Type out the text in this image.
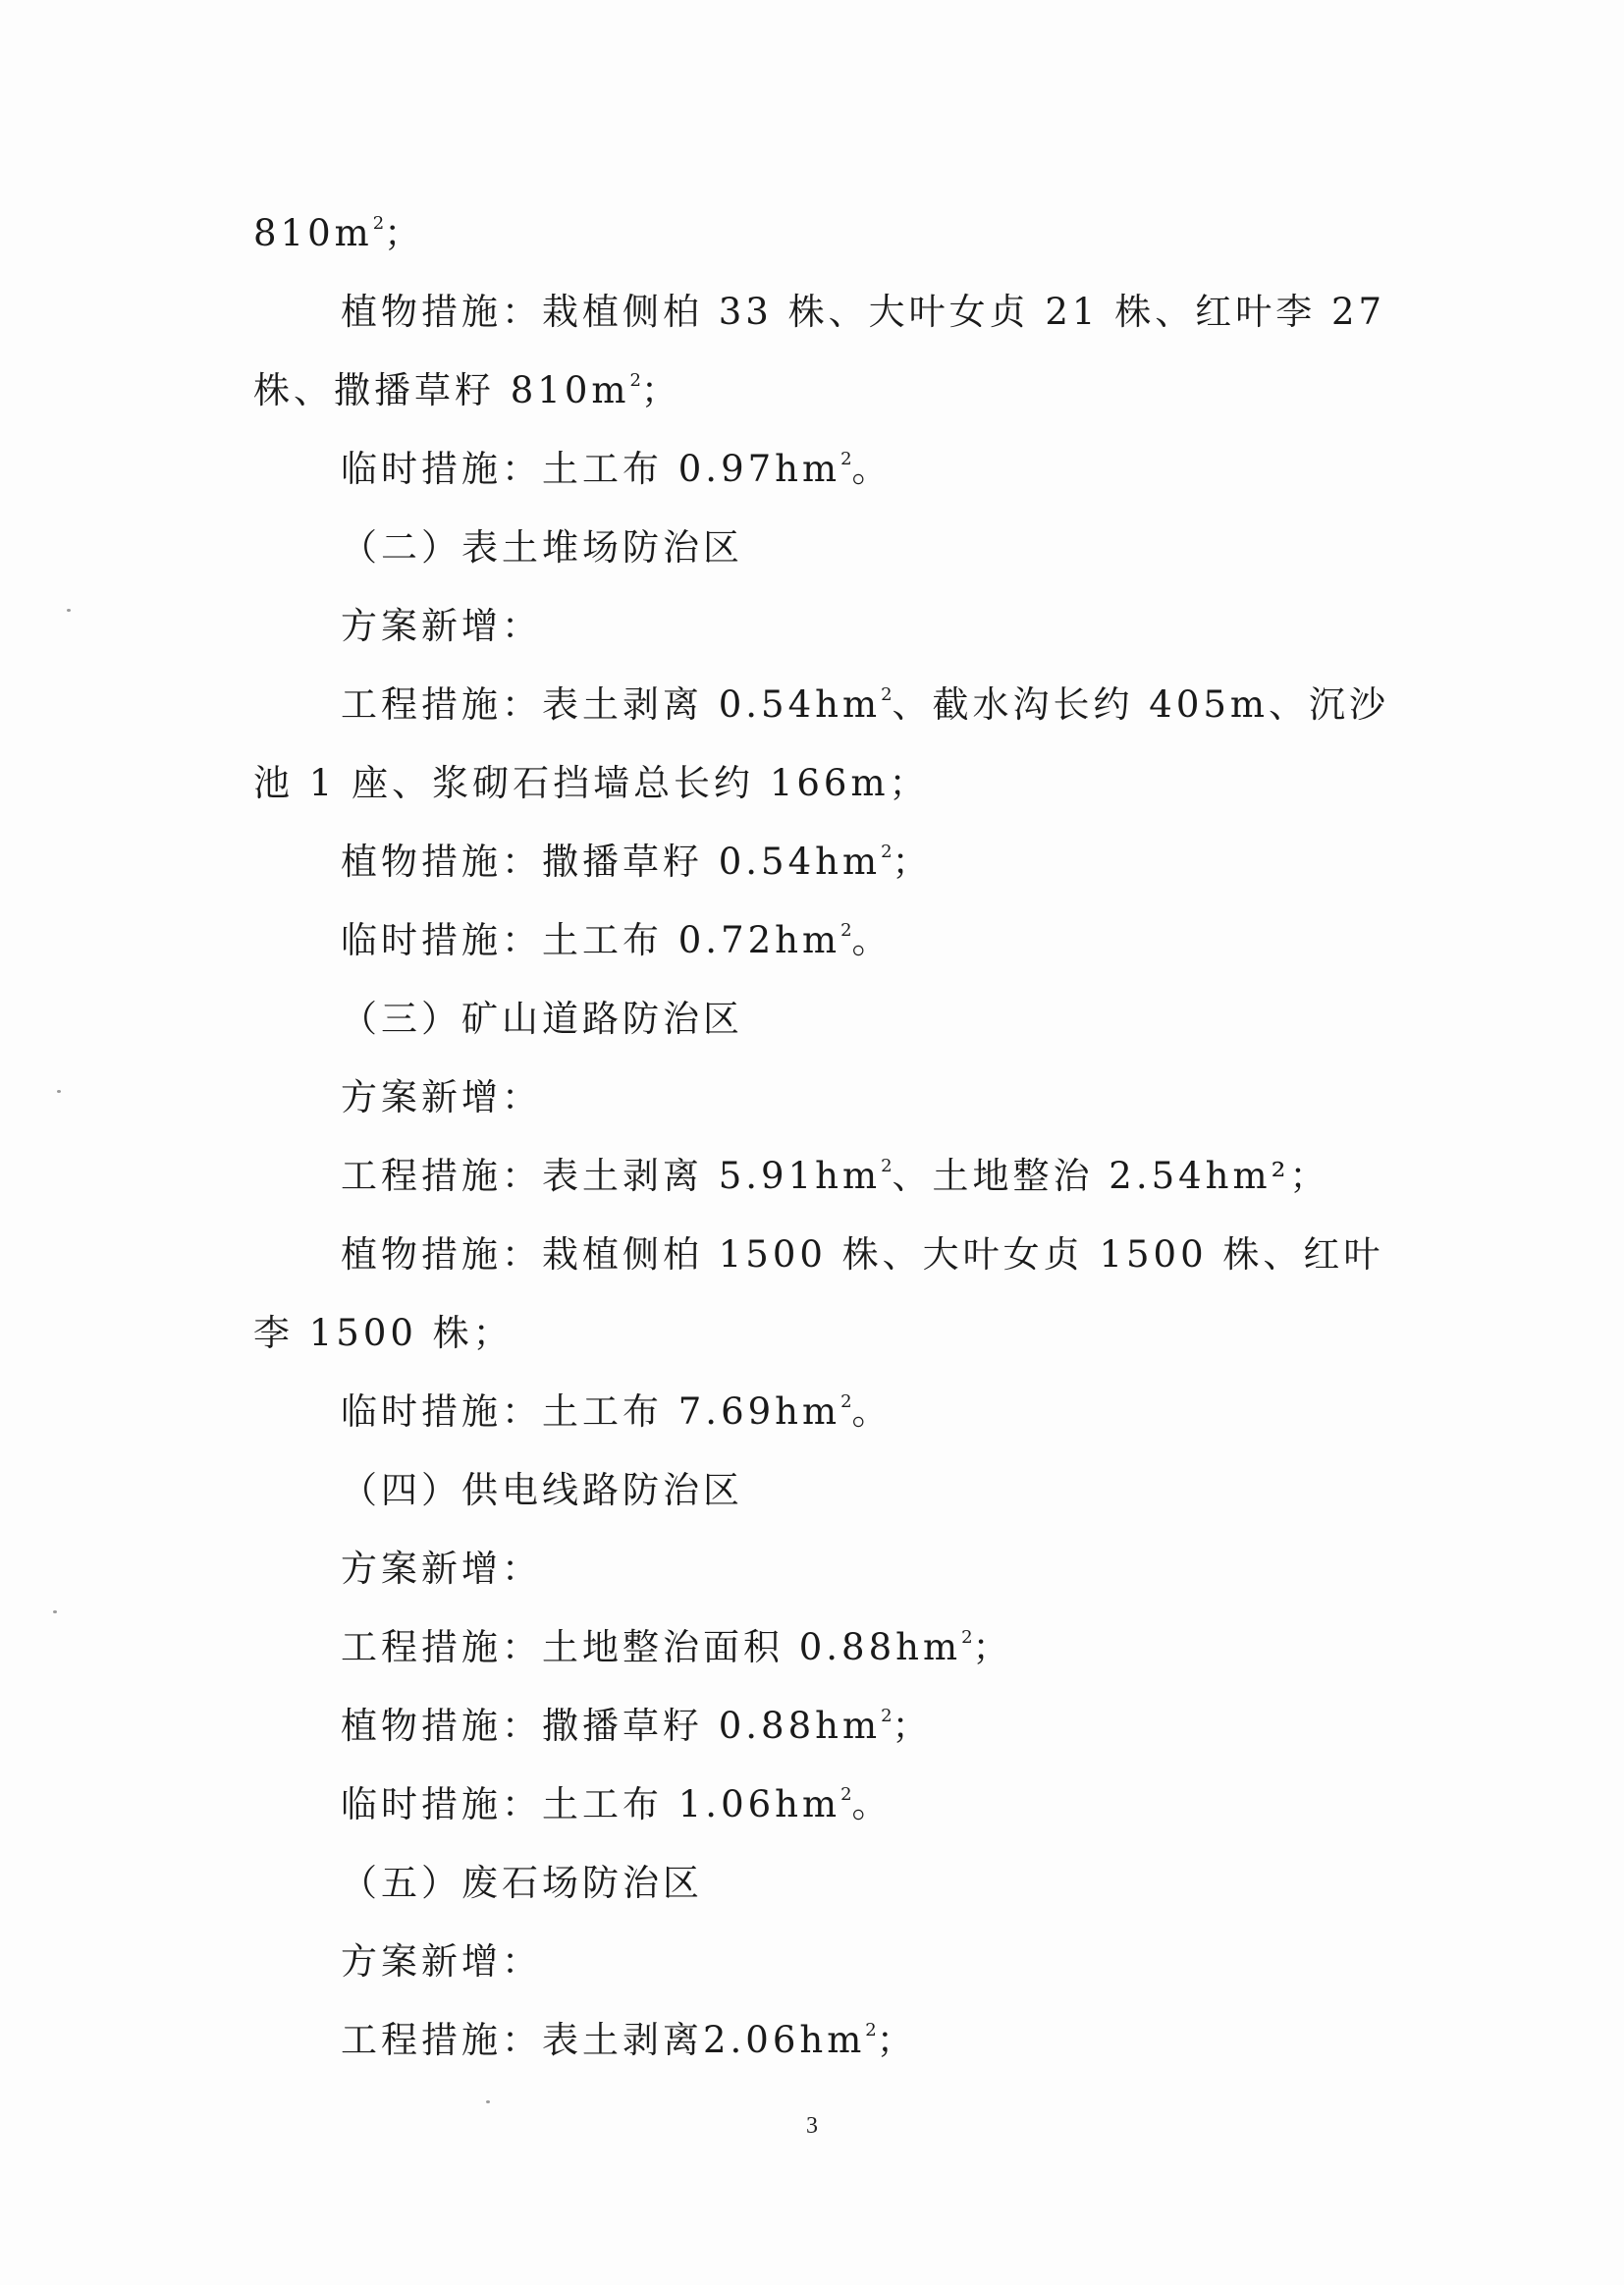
$810m^2$；
植物措施：栽植侧柏 33 株、大叶女贞 21 株、红叶李 27
株、撒播草籽 $810m^2$；
临时措施：土工布 $0.97hm^2$。
（二）表土堆场防治区
方案新增：
工程措施：表土剥离 $0.54hm^2$、截水沟长约 405m、沉沙
池 1 座、浆砌石挡墙总长约 166m；
植物措施：撒播草籽 $0.54hm^2$；
临时措施：土工布 $0.72hm^2$。
（三）矿山道路防治区
方案新增：
工程措施：表土剥离 $5.91hm^2$、土地整治 2.54hm²；
植物措施：栽植侧柏 1500 株、大叶女贞 1500 株、红叶
李 1500 株；
临时措施：土工布 $7.69hm^2$。
（四）供电线路防治区
方案新增：
工程措施：土地整治面积 $0.88hm^2$；
植物措施：撒播草籽 $0.88hm^2$；
临时措施：土工布 $1.06hm^2$。
（五）废石场防治区
方案新增：
工程措施：表土剥离$2.06hm^2$；
3
